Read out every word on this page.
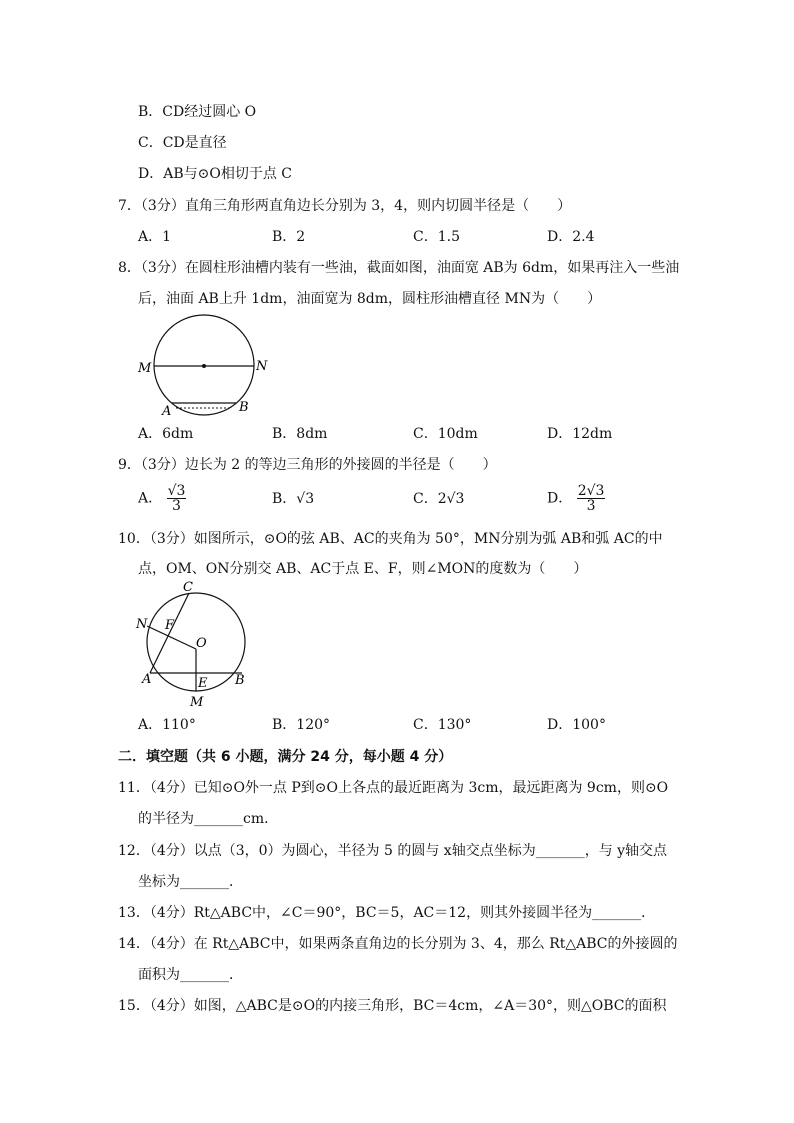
B．CD经过圆心 O
C．CD是直径
D．AB与⊙O相切于点 C
7．（3分）直角三角形两直角边长分别为 3，4，则内切圆半径是（　　）
A．1	B．2	C．1.5	D．2.4
8．（3分）在圆柱形油槽内装有一些油，截面如图，油面宽 AB为 6dm，如果再注入一些油
后，油面 AB上升 1dm，油面宽为 8dm，圆柱形油槽直径 MN为（　　）
M	N
A	B
A．6dm	B．8dm	C．10dm	D．12dm
9．（3分）边长为 2 的等边三角形的外接圆的半径是（　　）
A． $\frac{√3}{3}$	B．√3	C．2√3	D． $\frac{2√3}{3}$
10．（3分）如图所示，⊙O的弦 AB、AC的夹角为 50°，MN分别为弧 AB和弧 AC的中
点，OM、ON分别交 AB、AC于点 E、F，则∠MON的度数为（　　）
C
N F
O
A	E B
M
A．110°	B．120°	C．130°	D．100°
二．填空题（共 6 小题，满分 24 分，每小题 4 分）
11．（4分）已知⊙O外一点 P到⊙O上各点的最近距离为 3cm，最远距离为 9cm，则⊙O
的半径为_______cm．
12．（4分）以点（3，0）为圆心，半径为 5 的圆与 x轴交点坐标为_______，与 y轴交点
坐标为_______．
13．（4分）Rt△ABC中，∠C＝90°，BC＝5，AC＝12，则其外接圆半径为_______．
14．（4分）在 Rt△ABC中，如果两条直角边的长分别为 3、4，那么 Rt△ABC的外接圆的
面积为_______．
15．（4分）如图，△ABC是⊙O的内接三角形，BC＝4cm，∠A＝30°，则△OBC的面积
